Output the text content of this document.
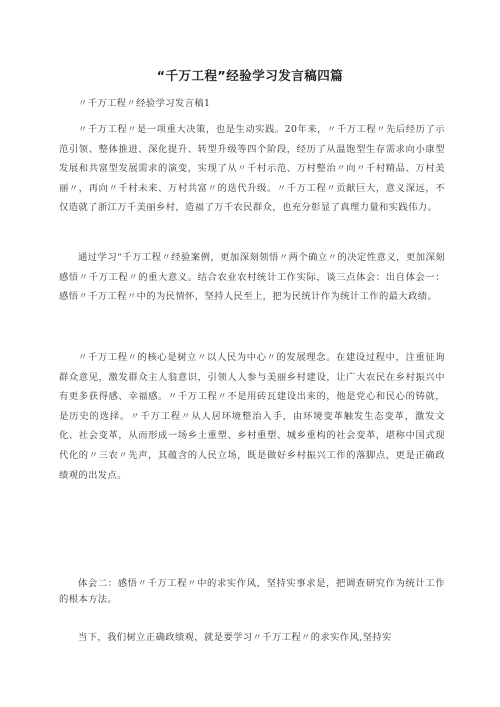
“千万工程”经验学习发言稿四篇

〃千万工程〃经验学习发言稿1

〃千万工程〃是一项重大决策，也是生动实践。20年来，〃千万工程〃先后经历了示范引领、整体推进、深化提升、转型升级等四个阶段，经历了从温饱型生存需求向小康型发展和共富型发展需求的演变，实现了从〃千村示范、万村整治〃向〃千村精品、万村美丽〃，再向〃千村未来、万村共富〃的迭代升级。〃千万工程〃贡献巨大，意义深远，不仅造就了浙江万千美丽乡村，造福了万千农民群众，也充分彰显了真理力量和实践伟力。

通过学习“千万工程〃经验案例，更加深刻领悟〃两个确立〃的决定性意义，更加深刻感悟〃千万工程〃的重大意义。结合农业农村统计工作实际，谈三点体会：出自体会一：感悟〃千万工程〃中的为民情怀，坚持人民至上，把为民统计作为统计工作的最大政绩。

〃千万工程〃的核心是树立〃以人民为中心〃的发展理念。在建设过程中，注重征询群众意见，激发群众主人翁意识，引领人人参与美丽乡村建设，让广大农民在乡村振兴中有更多获得感、幸福感。〃千万工程〃不是用砖瓦建设出来的，他是党心和民心的铸就，是历史的选择。〃千万工程〃从人居环境整治入手，由环境变革触发生态变革，激发文化、社会变革，从而形成一场乡土重塑、乡村重塑、城乡重构的社会变革，堪称中国式现代化的〃三农〃先声，其蕴含的人民立场，既是做好乡村振兴工作的落脚点，更是正确政绩观的出发点。

体会二：感悟〃千万工程〃中的求实作风，坚持实事求是，把调查研究作为统计工作的根本方法。

当下，我们树立正确政绩观，就是要学习〃千万工程〃的求实作风,坚持实
